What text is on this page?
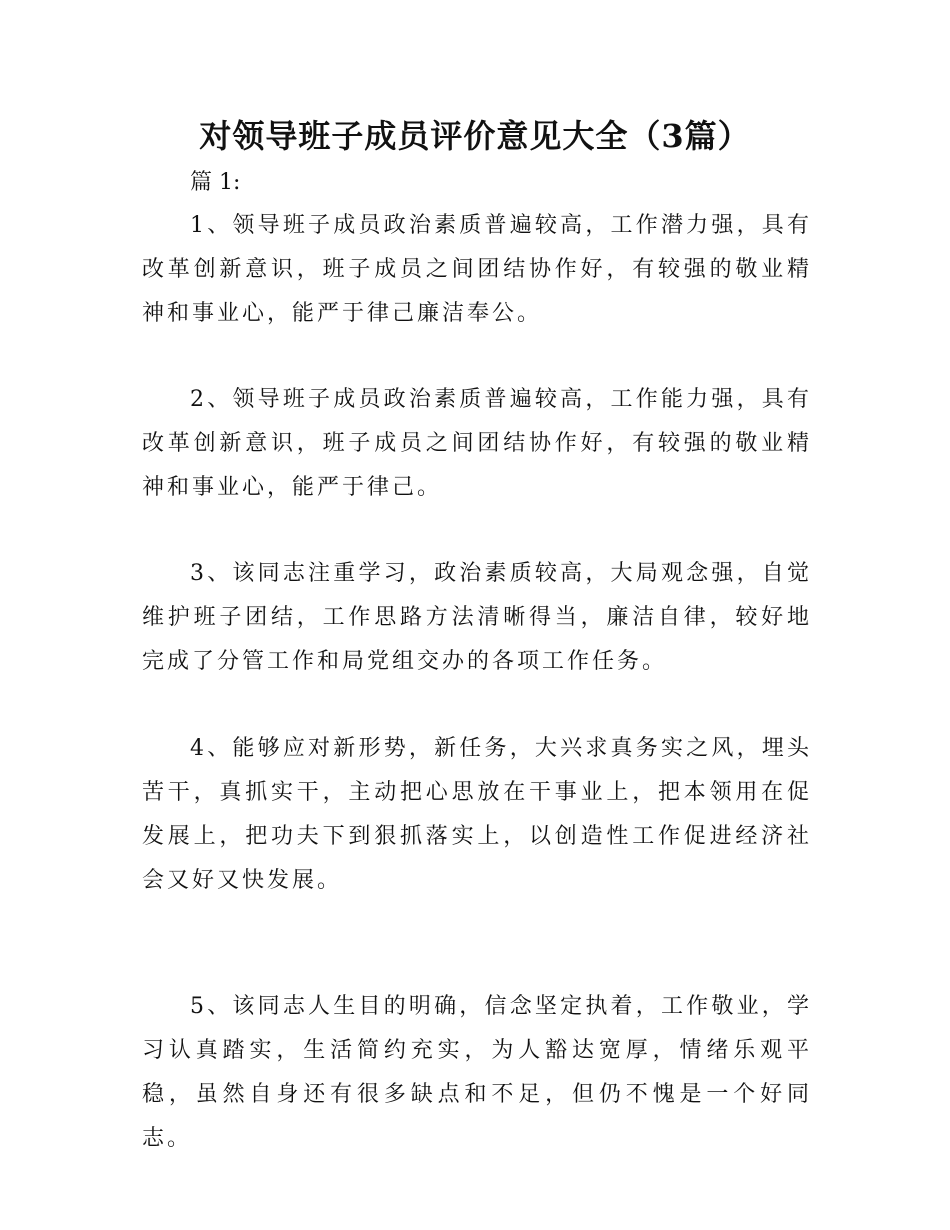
对领导班子成员评价意见大全（3篇）

篇 1:

1、领导班子成员政治素质普遍较高，工作潜力强，具有改革创新意识，班子成员之间团结协作好，有较强的敬业精神和事业心，能严于律己廉洁奉公。

2、领导班子成员政治素质普遍较高，工作能力强，具有改革创新意识，班子成员之间团结协作好，有较强的敬业精神和事业心，能严于律己。

3、该同志注重学习，政治素质较高，大局观念强，自觉维护班子团结，工作思路方法清晰得当，廉洁自律，较好地完成了分管工作和局党组交办的各项工作任务。

4、能够应对新形势，新任务，大兴求真务实之风，埋头苦干，真抓实干，主动把心思放在干事业上，把本领用在促发展上，把功夫下到狠抓落实上，以创造性工作促进经济社会又好又快发展。

5、该同志人生目的明确，信念坚定执着，工作敬业，学习认真踏实，生活简约充实，为人豁达宽厚，情绪乐观平稳，虽然自身还有很多缺点和不足，但仍不愧是一个好同志。
